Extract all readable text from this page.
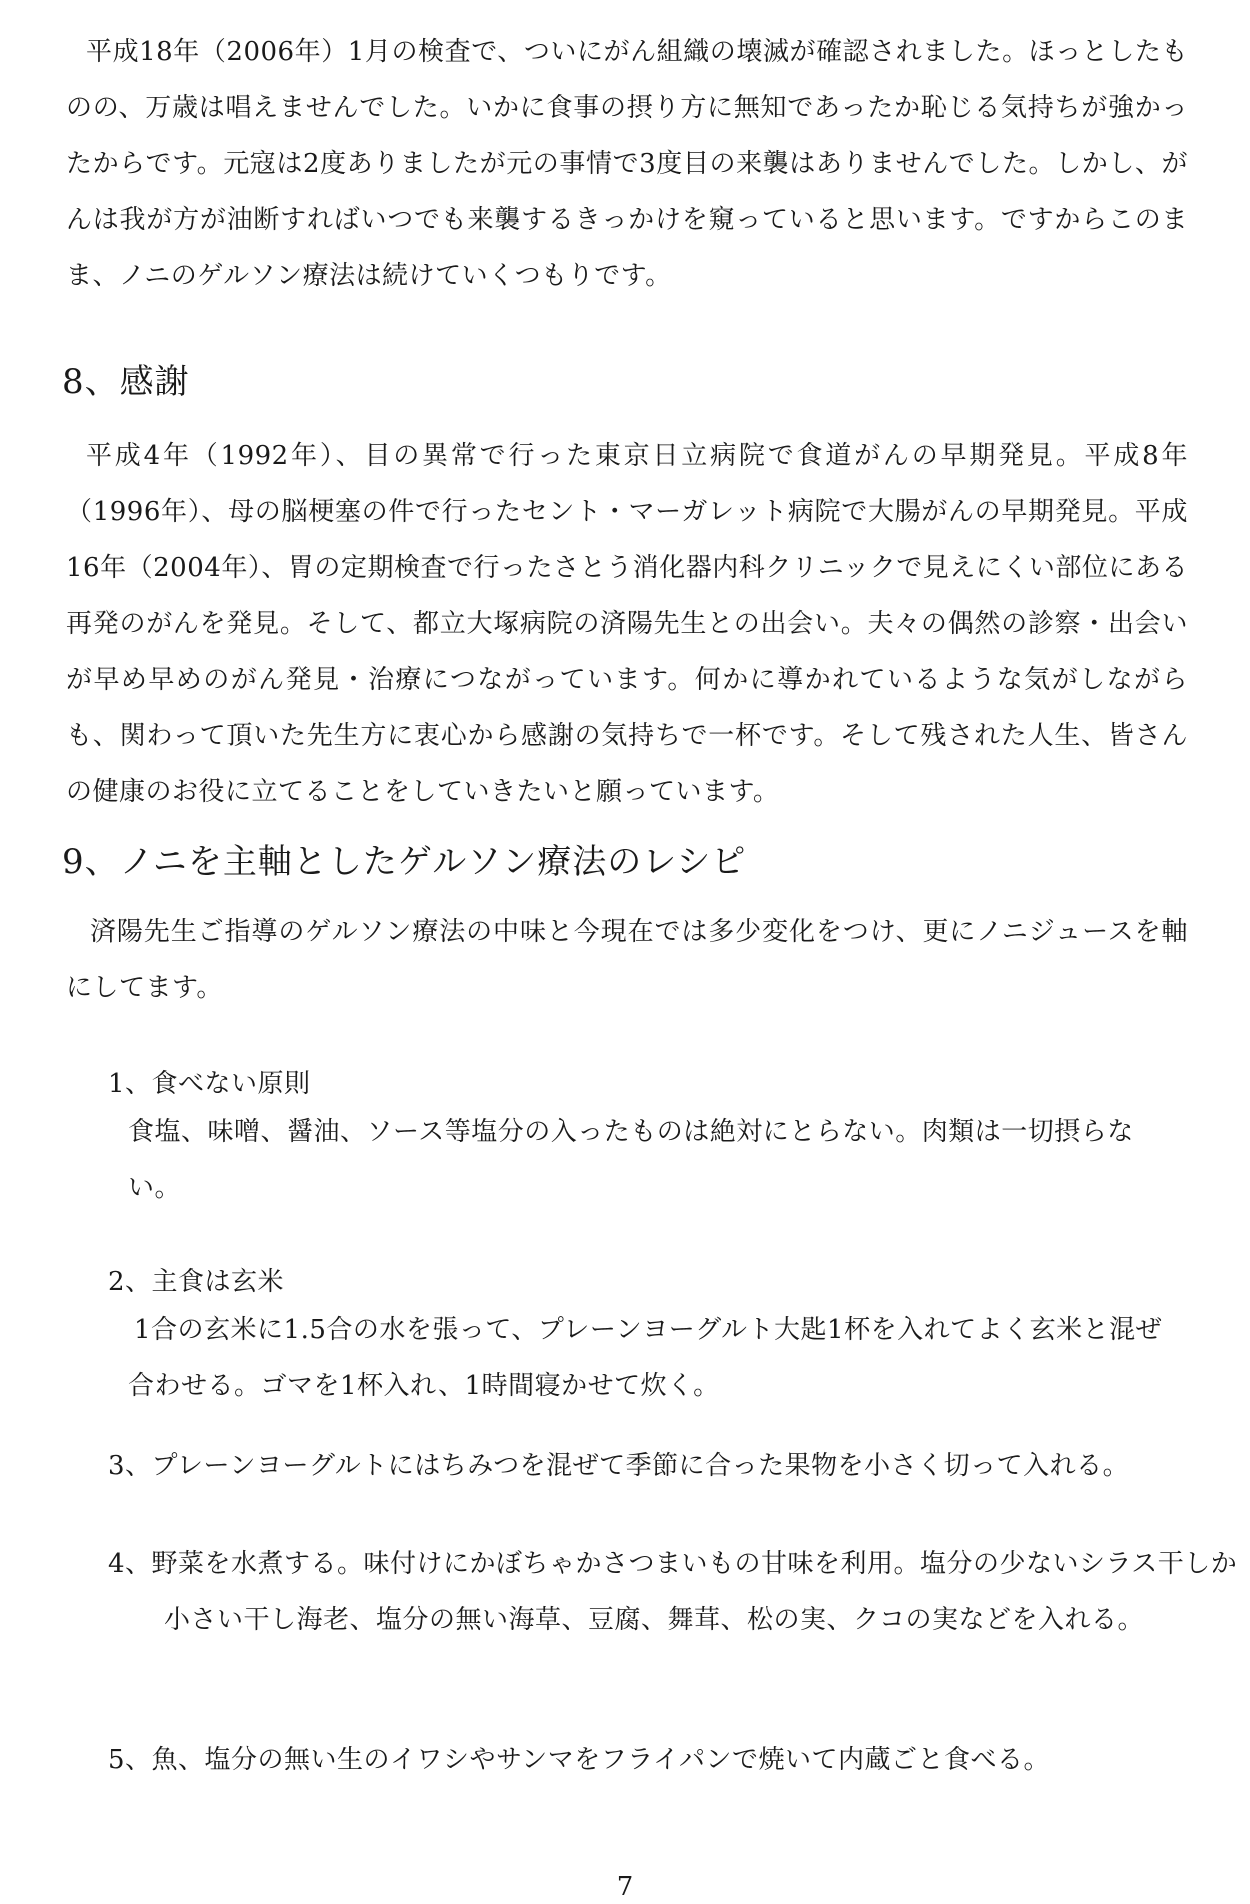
平成18年（2006年）1月の検査で、ついにがん組織の壊滅が確認されました。ほっとしたものの、万歳は唱えませんでした。いかに食事の摂り方に無知であったか恥じる気持ちが強かったからです。元寇は2度ありましたが元の事情で3度目の来襲はありませんでした。しかし、がんは我が方が油断すればいつでも来襲するきっかけを窺っていると思います。ですからこのまま、ノニのゲルソン療法は続けていくつもりです。

8、感謝

平成4年（1992年）、目の異常で行った東京日立病院で食道がんの早期発見。平成8年（1996年）、母の脳梗塞の件で行ったセント・マーガレット病院で大腸がんの早期発見。平成16年（2004年）、胃の定期検査で行ったさとう消化器内科クリニックで見えにくい部位にある再発のがんを発見。そして、都立大塚病院の済陽先生との出会い。夫々の偶然の診察・出会いが早め早めのがん発見・治療につながっています。何かに導かれているような気がしながらも、関わって頂いた先生方に衷心から感謝の気持ちで一杯です。そして残された人生、皆さんの健康のお役に立てることをしていきたいと願っています。

9、ノニを主軸としたゲルソン療法のレシピ

済陽先生ご指導のゲルソン療法の中味と今現在では多少変化をつけ、更にノニジュースを軸にしてます。

1、食べない原則

食塩、味噌、醤油、ソース等塩分の入ったものは絶対にとらない。肉類は一切摂らない。

2、主食は玄米

1合の玄米に1.5合の水を張って、プレーンヨーグルト大匙1杯を入れてよく玄米と混ぜ合わせる。ゴマを1杯入れ、1時間寝かせて炊く。

3、プレーンヨーグルトにはちみつを混ぜて季節に合った果物を小さく切って入れる。

4、野菜を水煮する。味付けにかぼちゃかさつまいもの甘味を利用。塩分の少ないシラス干しか小さい干し海老、塩分の無い海草、豆腐、舞茸、松の実、クコの実などを入れる。

5、魚、塩分の無い生のイワシやサンマをフライパンで焼いて内蔵ごと食べる。

7
